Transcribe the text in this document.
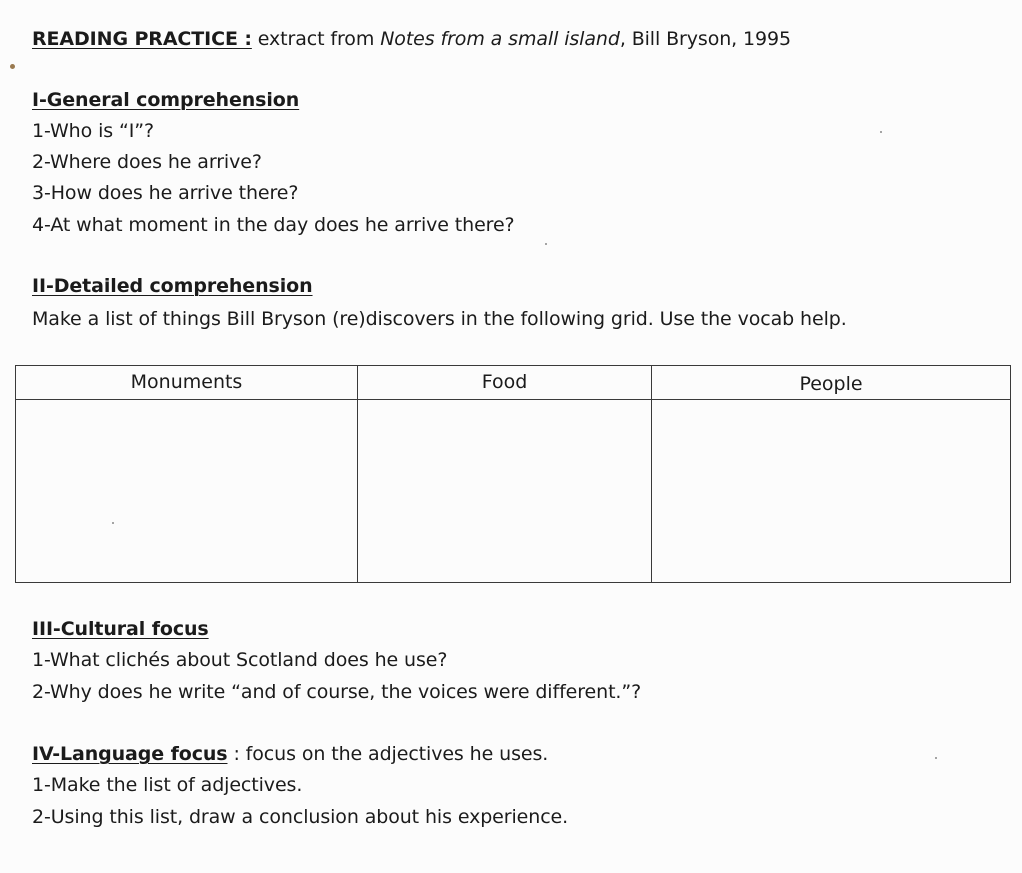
READING PRACTICE : extract from Notes from a small island, Bill Bryson, 1995
I-General comprehension
1-Who is “I”?
2-Where does he arrive?
3-How does he arrive there?
4-At what moment in the day does he arrive there?
II-Detailed comprehension
Make a list of things Bill Bryson (re)discovers in the following grid. Use the vocab help.
Monuments	Food	People
III-Cultural focus
1-What clichés about Scotland does he use?
2-Why does he write “and of course, the voices were different.”?
IV-Language focus : focus on the adjectives he uses.
1-Make the list of adjectives.
2-Using this list, draw a conclusion about his experience.
